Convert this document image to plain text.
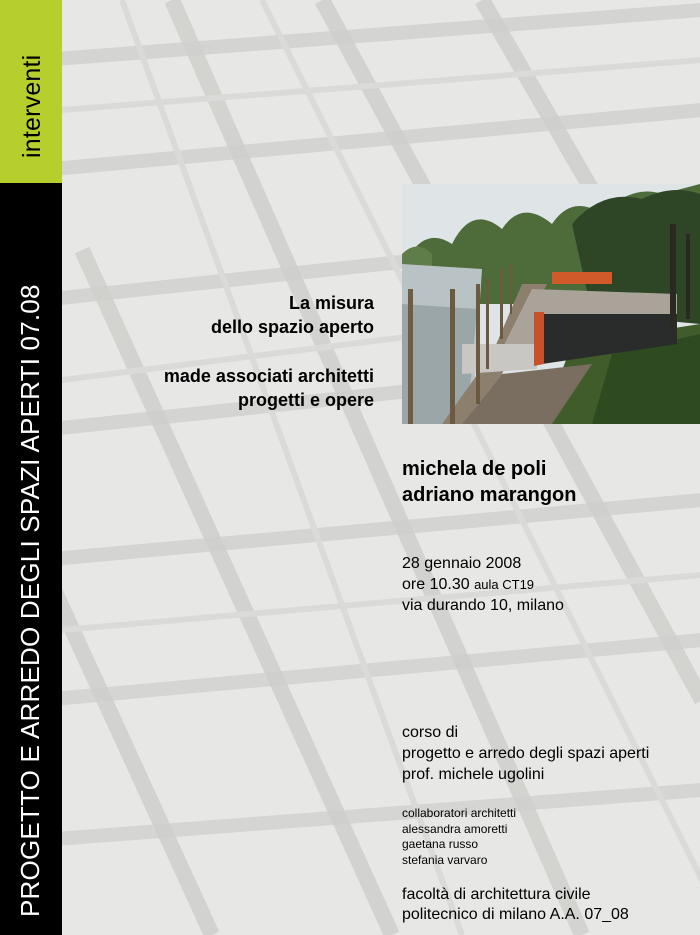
interventi
PROGETTO E ARREDO DEGLI SPAZI APERTI 07.08	La misura
dello spazio aperto
made associati architetti
progetti e opere
michela de poli
adriano marangon
28 gennaio 2008
ore 10.30 aula CT19
via durando 10, milano
corso di
progetto e arredo degli spazi aperti
prof. michele ugolini
collaboratori architetti
alessandra amoretti
gaetana russo
stefania varvaro
facoltà di architettura civile
politecnico di milano A.A. 07_08
